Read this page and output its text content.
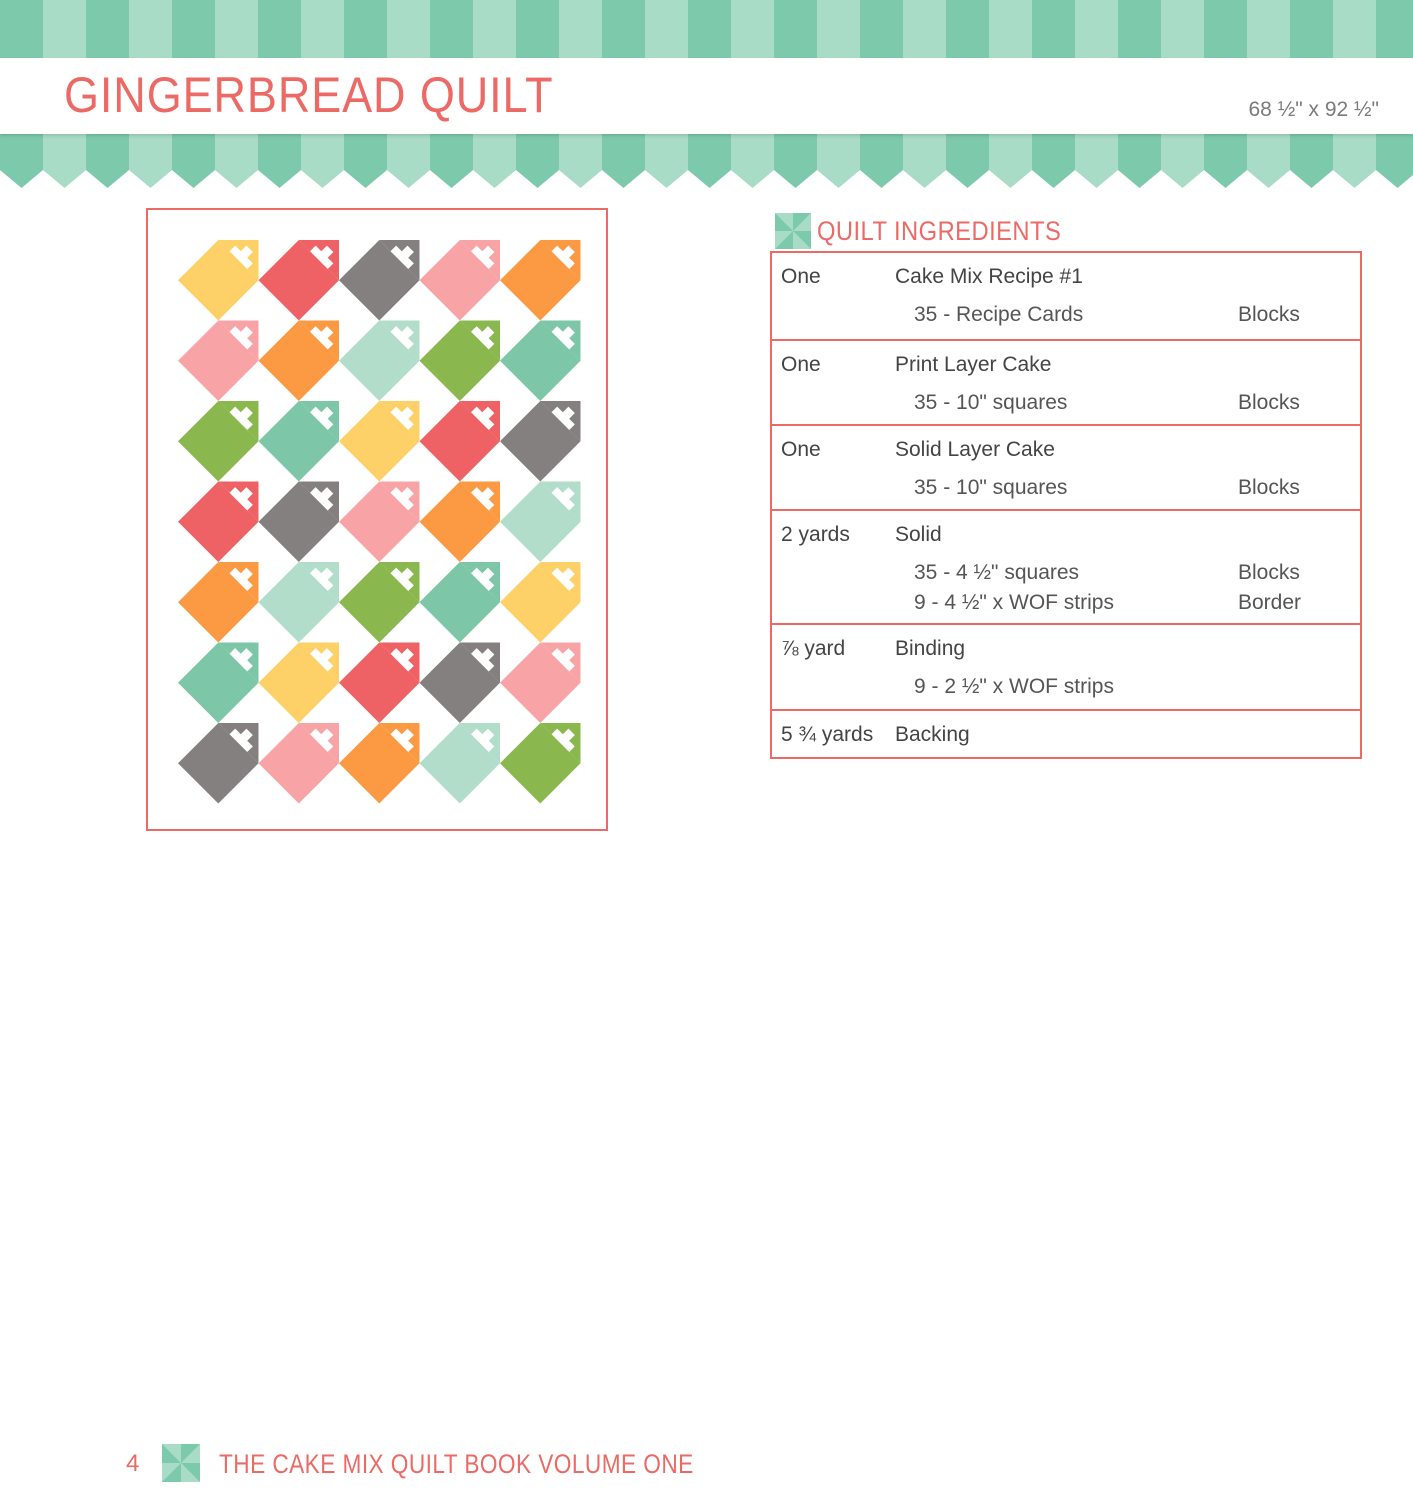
GINGERBREAD QUILT	68 ½" x 92 ½"
QUILT INGREDIENTS
One	Cake Mix Recipe #1
35 - Recipe Cards	Blocks
One	Print Layer Cake
35 - 10" squares	Blocks
One	Solid Layer Cake
35 - 10" squares	Blocks
2 yards Solid
35 - 4 ½" squares	Blocks
9 - 4 ½" x WOF strips	Border
⅞ yard Binding
9 - 2 ½" x WOF strips
5 ¾ yards Backing
4	THE CAKE MIX QUILT BOOK VOLUME ONE
